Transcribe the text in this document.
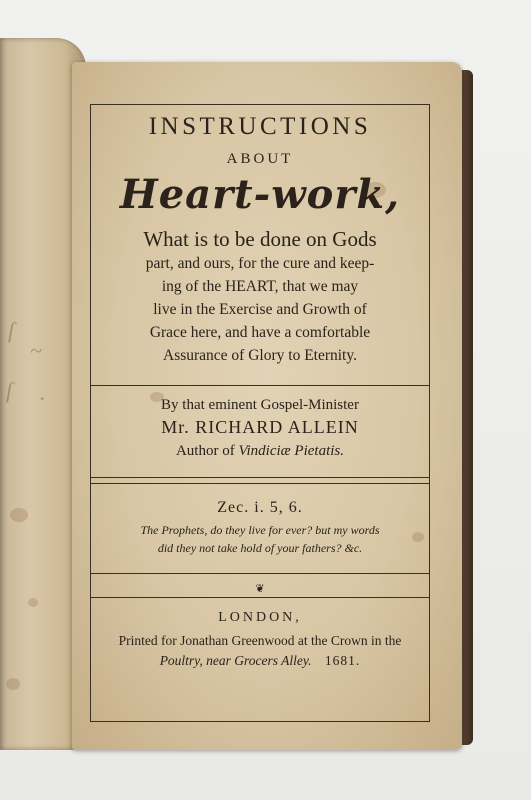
ſ
~
ſ .
INSTRUCTIONS
ABOUT
Heart-work,
What is to be done on Gods
part, and ours, for the cure and keep-
ing of the HEART, that we may
live in the Exercise and Growth of
Grace here, and have a comfortable
Assurance of Glory to Eternity.
By that eminent Gospel-Minister
Mr. RICHARD ALLEIN
Author of Vindiciæ Pietatis.
Zec. i. 5, 6.
The Prophets, do they live for ever? but my words
did they not take hold of your fathers? &c.
❦
LONDON,
Printed for Jonathan Greenwood at the Crown in the
Poultry, near Grocers Alley. 1681.
